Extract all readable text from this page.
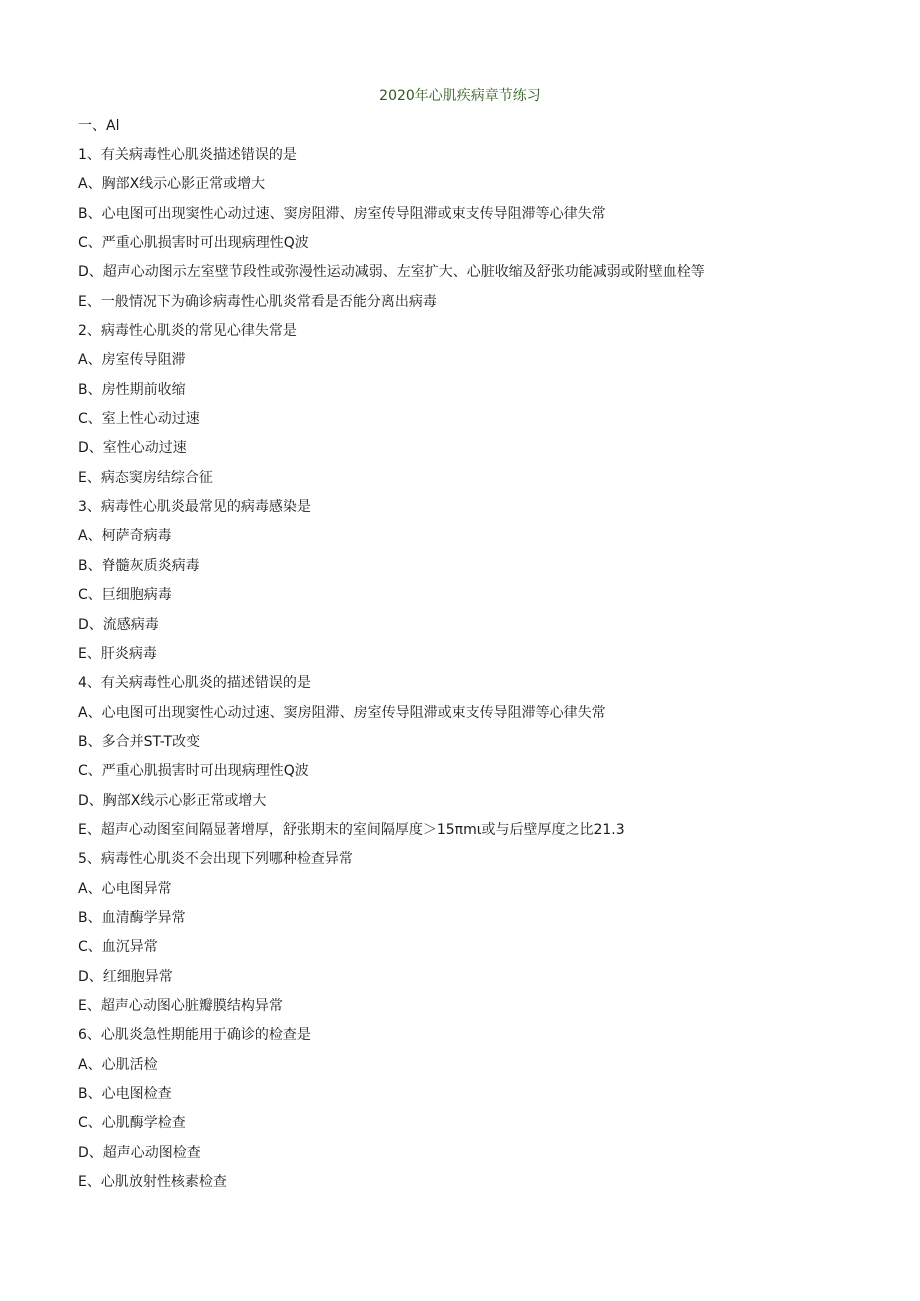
2020年心肌疾病章节练习
一、Al
1、有关病毒性心肌炎描述错误的是
A、胸部X线示心影正常或增大
B、心电图可出现窦性心动过速、窦房阻滞、房室传导阻滞或束支传导阻滞等心律失常
C、严重心肌损害时可出现病理性Q波
D、超声心动图示左室壁节段性或弥漫性运动减弱、左室扩大、心脏收缩及舒张功能减弱或附壁血栓等
E、一般情况下为确诊病毒性心肌炎常看是否能分离出病毒
2、病毒性心肌炎的常见心律失常是
A、房室传导阻滞
B、房性期前收缩
C、室上性心动过速
D、室性心动过速
E、病态窦房结综合征
3、病毒性心肌炎最常见的病毒感染是
A、柯萨奇病毒
B、脊髓灰质炎病毒
C、巨细胞病毒
D、流感病毒
E、肝炎病毒
4、有关病毒性心肌炎的描述错误的是
A、心电图可出现窦性心动过速、窦房阻滞、房室传导阻滞或束支传导阻滞等心律失常
B、多合并ST-T改变
C、严重心肌损害时可出现病理性Q波
D、胸部X线示心影正常或增大
E、超声心动图室间隔显著增厚，舒张期末的室间隔厚度＞15πmι或与后壁厚度之比21.3
5、病毒性心肌炎不会出现下列哪种检查异常
A、心电图异常
B、血清酶学异常
C、血沉异常
D、红细胞异常
E、超声心动图心脏瓣膜结构异常
6、心肌炎急性期能用于确诊的检查是
A、心肌活检
B、心电图检查
C、心肌酶学检查
D、超声心动图检查
E、心肌放射性核素检查
